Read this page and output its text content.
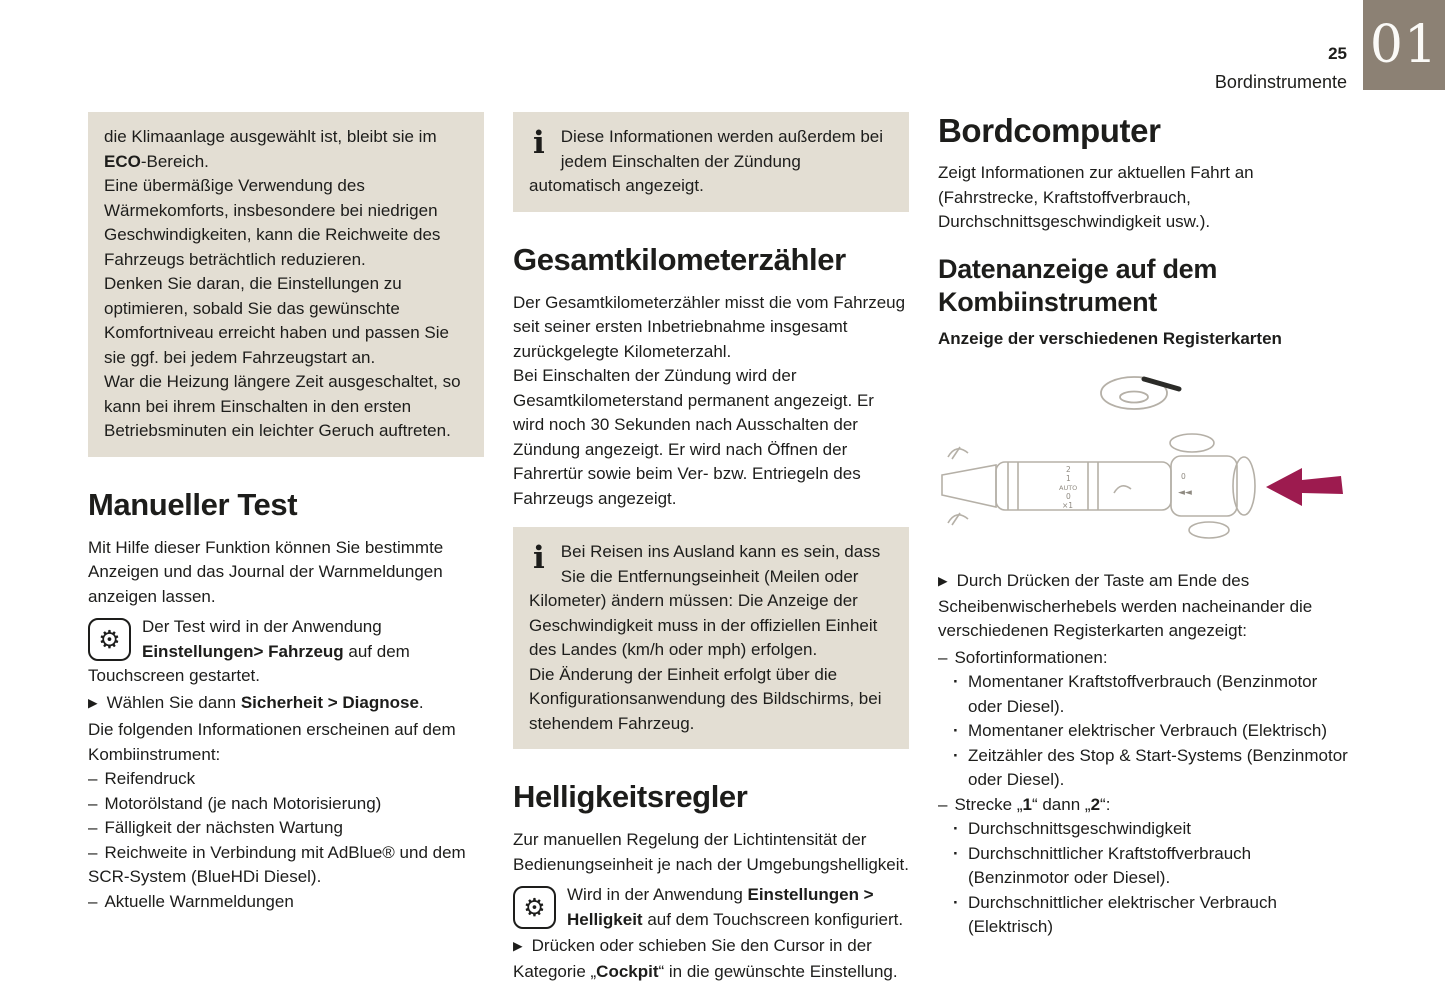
01
25
Bordinstrumente

die Klimaanlage ausgewählt ist, bleibt sie im ECO-Bereich.

Eine übermäßige Verwendung des Wärmekomforts, insbesondere bei niedrigen Geschwindigkeiten, kann die Reichweite des Fahrzeugs beträchtlich reduzieren.

Denken Sie daran, die Einstellungen zu optimieren, sobald Sie das gewünschte Komfortniveau erreicht haben und passen Sie sie ggf. bei jedem Fahrzeugstart an.

War die Heizung längere Zeit ausgeschaltet, so kann bei ihrem Einschalten in den ersten Betriebsminuten ein leichter Geruch auftreten.

Manueller Test

Mit Hilfe dieser Funktion können Sie bestimmte Anzeigen und das Journal der Warnmeldungen anzeigen lassen.

⚙ Der Test wird in der Anwendung Einstellungen> Fahrzeug auf dem Touchscreen gestartet.
▶ Wählen Sie dann Sicherheit > Diagnose.

Die folgenden Informationen erscheinen auf dem Kombiinstrument:

– Reifendruck
– Motorölstand (je nach Motorisierung)
– Fälligkeit der nächsten Wartung
– Reichweite in Verbindung mit AdBlue® und dem SCR-System (BlueHDi Diesel).
– Aktuelle Warnmeldungen
i Diese Informationen werden außerdem bei jedem Einschalten der Zündung automatisch angezeigt.

Gesamtkilometerzähler

Der Gesamtkilometerzähler misst die vom Fahrzeug seit seiner ersten Inbetriebnahme insgesamt zurückgelegte Kilometerzahl.

Bei Einschalten der Zündung wird der Gesamtkilometerstand permanent angezeigt. Er wird noch 30 Sekunden nach Ausschalten der Zündung angezeigt. Er wird nach Öffnen der Fahrertür sowie beim Ver- bzw. Entriegeln des Fahrzeugs angezeigt.

i Bei Reisen ins Ausland kann es sein, dass Sie die Entfernungseinheit (Meilen oder Kilometer) ändern müssen: Die Anzeige der Geschwindigkeit muss in der offiziellen Einheit des Landes (km/h oder mph) erfolgen.

Die Änderung der Einheit erfolgt über die Konfigurationsanwendung des Bildschirms, bei stehendem Fahrzeug.

Helligkeitsregler

Zur manuellen Regelung der Lichtintensität der Bedienungseinheit je nach der Umgebungshelligkeit.

⚙ Wird in der Anwendung Einstellungen > Helligkeit auf dem Touchscreen konfiguriert.
▶ Drücken oder schieben Sie den Cursor in der Kategorie „Cockpit“ in die gewünschte Einstellung.
Bordcomputer

Zeigt Informationen zur aktuellen Fahrt an (Fahrstrecke, Kraftstoffverbrauch, Durchschnittsgeschwindigkeit usw.).

Datenanzeige auf dem Kombiinstrument
Anzeige der verschiedenen Registerkarten
2
1
AUTO
0
×1
0
◄◄
▶ Durch Drücken der Taste am Ende des Scheibenwischerhebels werden nacheinander die verschiedenen Registerkarten angezeigt:
– Sofortinformationen:
· Momentaner Kraftstoffverbrauch (Benzinmotor oder Diesel).
· Momentaner elektrischer Verbrauch (Elektrisch)
· Zeitzähler des Stop & Start-Systems (Benzinmotor oder Diesel).
– Strecke „1“ dann „2“:
· Durchschnittsgeschwindigkeit
· Durchschnittlicher Kraftstoffverbrauch (Benzinmotor oder Diesel).
· Durchschnittlicher elektrischer Verbrauch (Elektrisch)
